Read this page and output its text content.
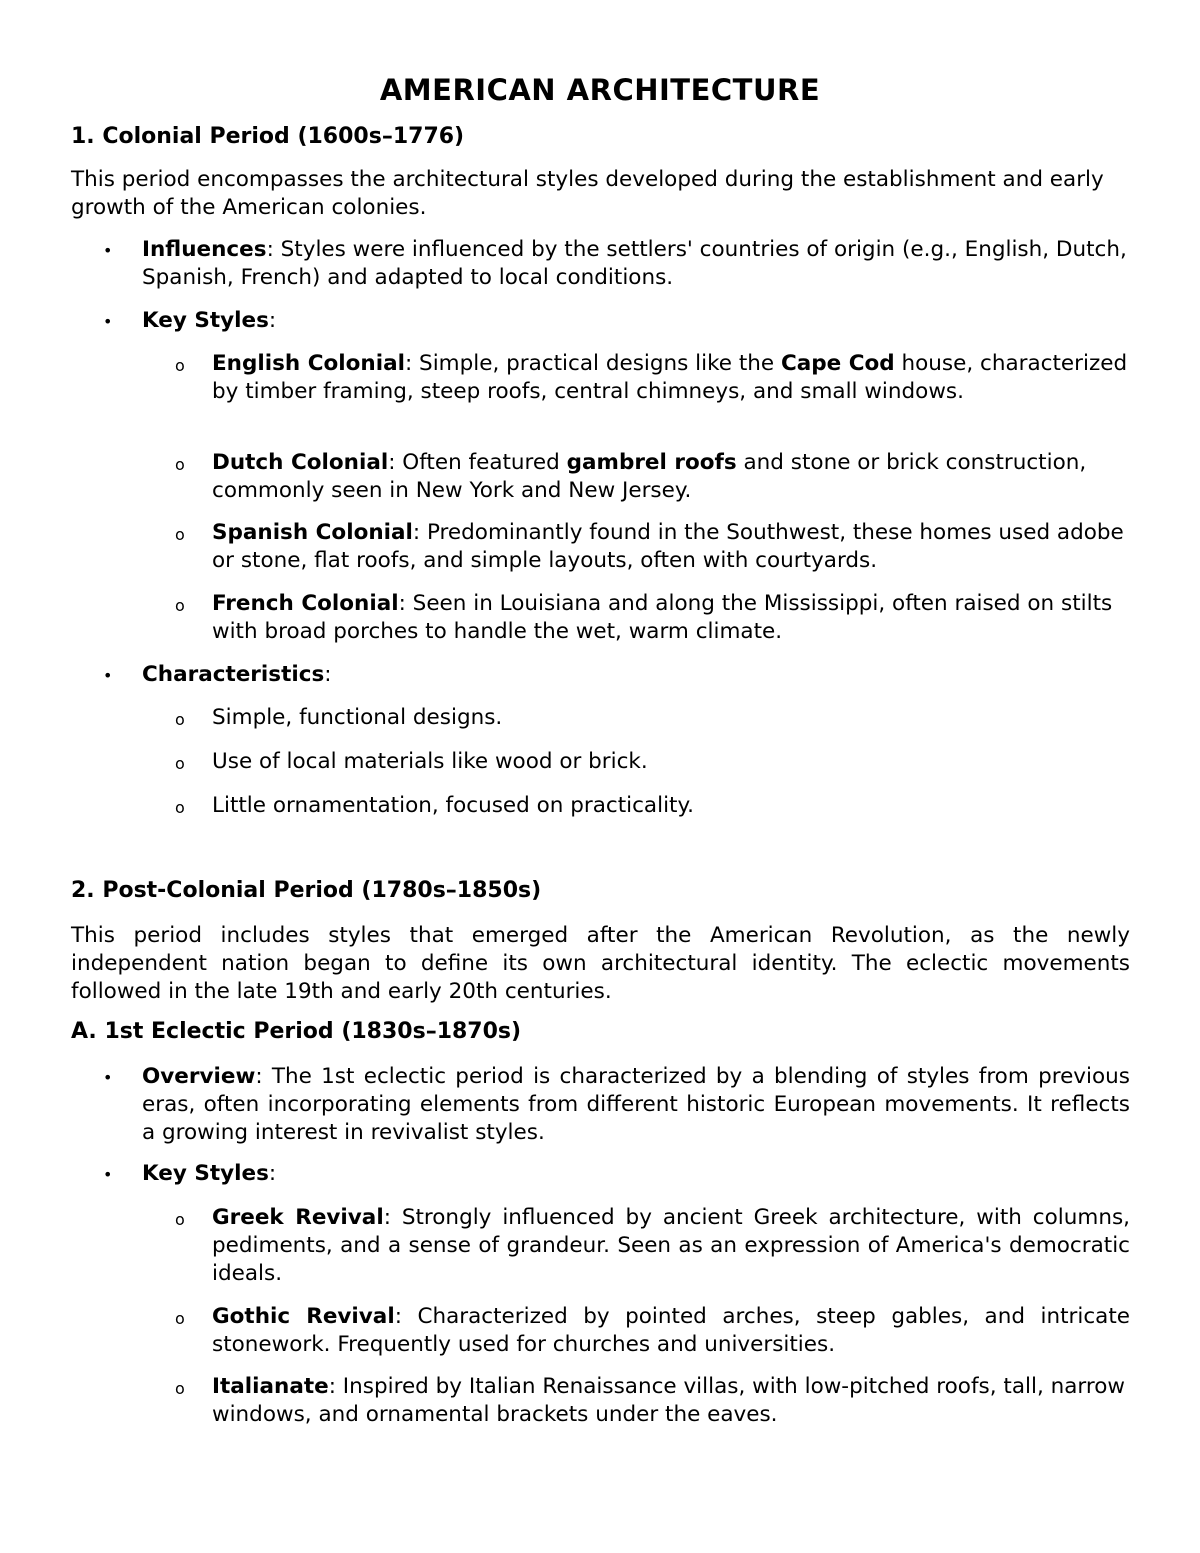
AMERICAN ARCHITECTURE
1. Colonial Period (1600s–1776)
This period encompasses the architectural styles developed during the establishment and early growth of the American colonies.
• Influences: Styles were influenced by the settlers' countries of origin (e.g., English, Dutch, Spanish, French) and adapted to local conditions.
• Key Styles:
o English Colonial: Simple, practical designs like the Cape Cod house, characterized by timber framing, steep roofs, central chimneys, and small windows.
o Dutch Colonial: Often featured gambrel roofs and stone or brick construction, commonly seen in New York and New Jersey.
o Spanish Colonial: Predominantly found in the Southwest, these homes used adobe or stone, flat roofs, and simple layouts, often with courtyards.
o French Colonial: Seen in Louisiana and along the Mississippi, often raised on stilts with broad porches to handle the wet, warm climate.
• Characteristics:
o Simple, functional designs.
o Use of local materials like wood or brick.
o Little ornamentation, focused on practicality.
2. Post-Colonial Period (1780s–1850s)
This period includes styles that emerged after the American Revolution, as the newly independent nation began to define its own architectural identity. The eclectic movements followed in the late 19th and early 20th centuries.
A. 1st Eclectic Period (1830s–1870s)
• Overview: The 1st eclectic period is characterized by a blending of styles from previous eras, often incorporating elements from different historic European movements. It reflects a growing interest in revivalist styles.
• Key Styles:
o Greek Revival: Strongly influenced by ancient Greek architecture, with columns, pediments, and a sense of grandeur. Seen as an expression of America's democratic ideals.
o Gothic Revival: Characterized by pointed arches, steep gables, and intricate stonework. Frequently used for churches and universities.
o Italianate: Inspired by Italian Renaissance villas, with low-pitched roofs, tall, narrow windows, and ornamental brackets under the eaves.
